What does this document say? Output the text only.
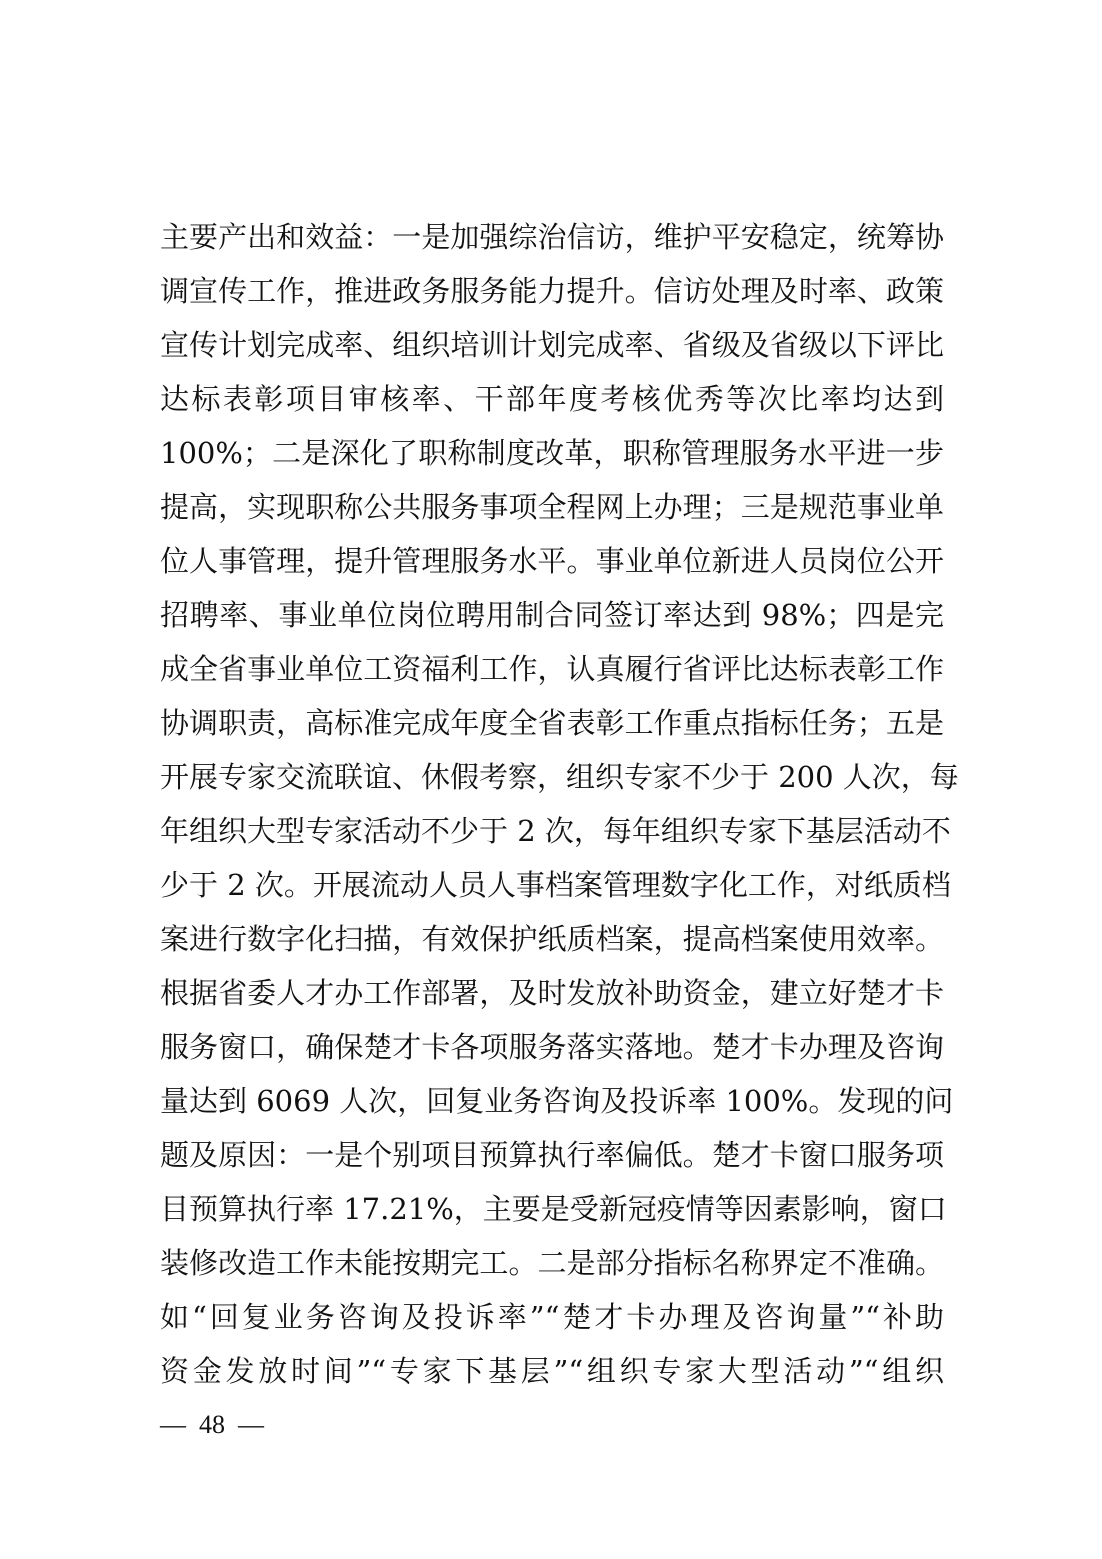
主要产出和效益：一是加强综治信访，维护平安稳定，统筹协
调宣传工作，推进政务服务能力提升。信访处理及时率、政策
宣传计划完成率、组织培训计划完成率、省级及省级以下评比
达标表彰项目审核率、干部年度考核优秀等次比率均达到
100%；二是深化了职称制度改革，职称管理服务水平进一步
提高，实现职称公共服务事项全程网上办理；三是规范事业单
位人事管理，提升管理服务水平。事业单位新进人员岗位公开
招聘率、事业单位岗位聘用制合同签订率达到 98%；四是完
成全省事业单位工资福利工作，认真履行省评比达标表彰工作
协调职责，高标准完成年度全省表彰工作重点指标任务；五是
开展专家交流联谊、休假考察，组织专家不少于 200 人次，每
年组织大型专家活动不少于 2 次，每年组织专家下基层活动不
少于 2 次。开展流动人员人事档案管理数字化工作，对纸质档
案进行数字化扫描，有效保护纸质档案，提高档案使用效率。
根据省委人才办工作部署，及时发放补助资金，建立好楚才卡
服务窗口，确保楚才卡各项服务落实落地。楚才卡办理及咨询
量达到 6069 人次，回复业务咨询及投诉率 100%。发现的问
题及原因：一是个别项目预算执行率偏低。楚才卡窗口服务项
目预算执行率 17.21%，主要是受新冠疫情等因素影响，窗口
装修改造工作未能按期完工。二是部分指标名称界定不准确。
如“回复业务咨询及投诉率”“楚才卡办理及咨询量”“补助
资金发放时间”“专家下基层”“组织专家大型活动”“组织
—  48  —
